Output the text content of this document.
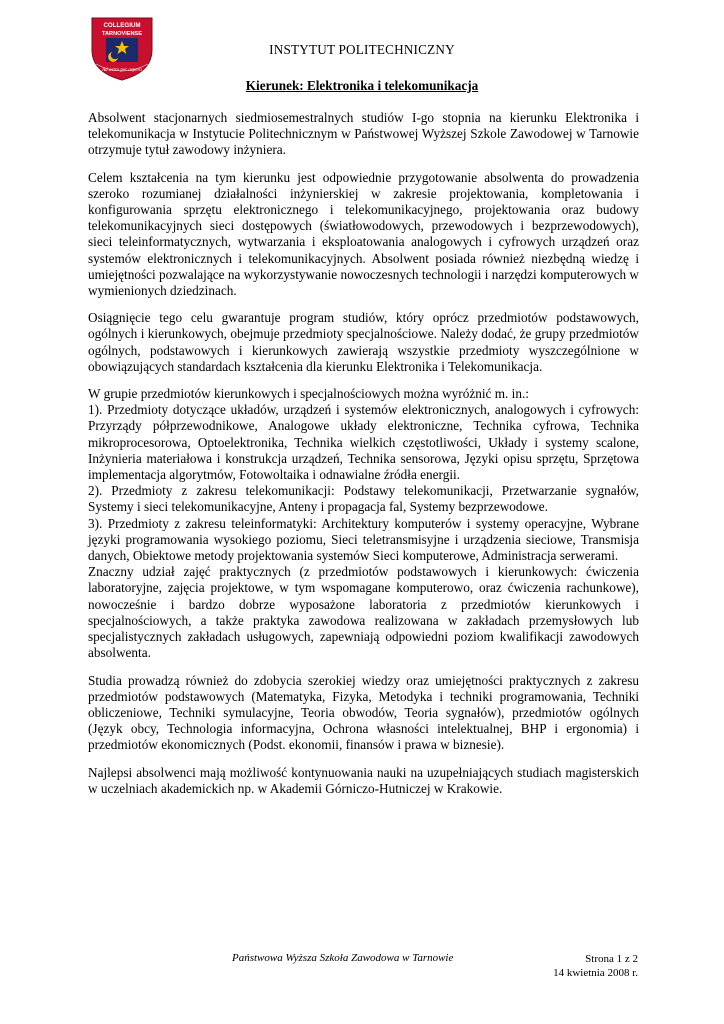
COLLEGIUM
TARNOVIENSE
Ad astra per aspera
INSTYTUT POLITECHNICZNY
Kierunek: Elektronika i telekomunikacja

Absolwent stacjonarnych siedmiosemestralnych studiów I-go stopnia na kierunku Elektronika i telekomunikacja w Instytucie Politechnicznym w Państwowej Wyższej Szkole Zawodowej w Tarnowie otrzymuje tytuł zawodowy inżyniera.

Celem kształcenia na tym kierunku jest odpowiednie przygotowanie absolwenta do prowadzenia szeroko rozumianej działalności inżynierskiej w zakresie projektowania, kompletowania i konfigurowania sprzętu elektronicznego i telekomunikacyjnego, projektowania oraz budowy telekomunikacyjnych sieci dostępowych (światłowodowych, przewodowych i bezprzewodowych), sieci teleinformatycznych, wytwarzania i eksploatowania analogowych i cyfrowych urządzeń oraz systemów elektronicznych i telekomunikacyjnych. Absolwent posiada również niezbędną wiedzę i umiejętności pozwalające na wykorzystywanie nowoczesnych technologii i narzędzi komputerowych w wymienionych dziedzinach.

Osiągnięcie tego celu gwarantuje program studiów, który oprócz przedmiotów podstawowych, ogólnych i kierunkowych, obejmuje przedmioty specjalnościowe. Należy dodać, że grupy przedmiotów ogólnych, podstawowych i kierunkowych zawierają wszystkie przedmioty wyszczególnione w obowiązujących standardach kształcenia dla kierunku Elektronika i Telekomunikacja.

W grupie przedmiotów kierunkowych i specjalnościowych można wyróżnić m. in.:

1). Przedmioty dotyczące układów, urządzeń i systemów elektronicznych, analogowych i cyfrowych: Przyrządy półprzewodnikowe, Analogowe układy elektroniczne, Technika cyfrowa, Technika mikroprocesorowa, Optoelektronika, Technika wielkich częstotliwości, Układy i systemy scalone, Inżynieria materiałowa i konstrukcja urządzeń, Technika sensorowa, Języki opisu sprzętu, Sprzętowa implementacja algorytmów, Fotowoltaika i odnawialne źródła energii.

2). Przedmioty z zakresu telekomunikacji: Podstawy telekomunikacji, Przetwarzanie sygnałów, Systemy i sieci telekomunikacyjne, Anteny i propagacja fal, Systemy bezprzewodowe.

3). Przedmioty z zakresu teleinformatyki: Architektury komputerów i systemy operacyjne, Wybrane języki programowania wysokiego poziomu, Sieci teletransmisyjne i urządzenia sieciowe, Transmisja danych, Obiektowe metody projektowania systemów Sieci komputerowe, Administracja serwerami.

Znaczny udział zajęć praktycznych (z przedmiotów podstawowych i kierunkowych: ćwiczenia laboratoryjne, zajęcia projektowe, w tym wspomagane komputerowo, oraz ćwiczenia rachunkowe), nowocześnie i bardzo dobrze wyposażone laboratoria z przedmiotów kierunkowych i specjalnościowych, a także praktyka zawodowa realizowana w zakładach przemysłowych lub specjalistycznych zakładach usługowych, zapewniają odpowiedni poziom kwalifikacji zawodowych absolwenta.

Studia prowadzą również do zdobycia szerokiej wiedzy oraz umiejętności praktycznych z zakresu przedmiotów podstawowych (Matematyka, Fizyka, Metodyka i techniki programowania, Techniki obliczeniowe, Techniki symulacyjne, Teoria obwodów, Teoria sygnałów), przedmiotów ogólnych (Język obcy, Technologia informacyjna, Ochrona własności intelektualnej, BHP i ergonomia) i przedmiotów ekonomicznych (Podst. ekonomii, finansów i prawa w biznesie).

Najlepsi absolwenci mają możliwość kontynuowania nauki na uzupełniających studiach magisterskich w uczelniach akademickich np. w Akademii Górniczo-Hutniczej w Krakowie.

Państwowa Wyższa Szkoła Zawodowa w Tarnowie	Strona 1 z 2
14 kwietnia 2008 r.
